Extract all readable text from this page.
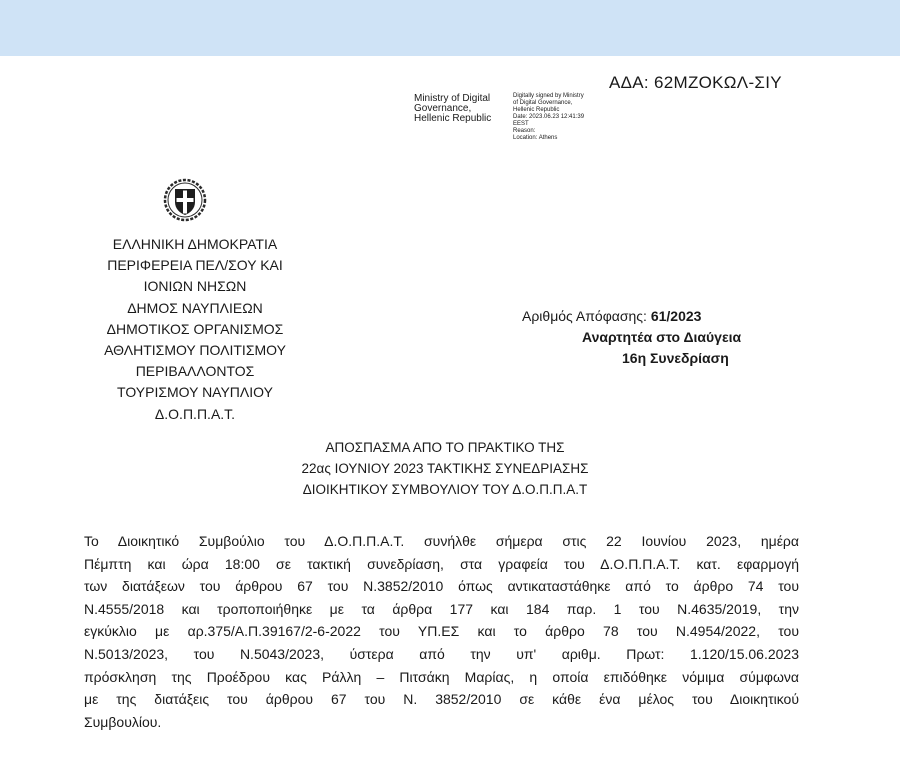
ΑΔΑ: 62ΜΖΟΚΩΛ-ΣΙΥ
Ministry of Digital
Governance,
Hellenic Republic
Digitally signed by Ministry
of Digital Governance,
Hellenic Republic
Date: 2023.06.23 12:41:39
EEST
Reason:
Location: Athens
ΕΛΛΗΝΙΚΗ ΔΗΜΟΚΡΑΤΙΑ
ΠΕΡΙΦΕΡΕΙΑ ΠΕΛ/ΣΟΥ ΚΑΙ
ΙΟΝΙΩΝ ΝΗΣΩΝ
ΔΗΜΟΣ ΝΑΥΠΛΙΕΩΝ
ΔΗΜΟΤΙΚΟΣ ΟΡΓΑΝΙΣΜΟΣ
ΑΘΛΗΤΙΣΜΟΥ ΠΟΛΙΤΙΣΜΟΥ
ΠΕΡΙΒΑΛΛΟΝΤΟΣ
ΤΟΥΡΙΣΜΟΥ ΝΑΥΠΛΙΟΥ
Δ.Ο.Π.Π.Α.Τ.
Αριθμός Απόφασης: 61/2023
Αναρτητέα στο Διαύγεια
16η Συνεδρίαση
ΑΠΟΣΠΑΣΜΑ ΑΠΟ ΤΟ ΠΡΑΚΤΙΚΟ ΤΗΣ
22ας ΙΟΥΝΙΟΥ 2023 ΤΑΚΤΙΚΗΣ ΣΥΝΕΔΡΙΑΣΗΣ
ΔΙΟΙΚΗΤΙΚΟΥ ΣΥΜΒΟΥΛΙΟΥ ΤΟΥ Δ.Ο.Π.Π.Α.Τ
Το Διοικητικό Συμβούλιο του Δ.Ο.Π.Π.Α.Τ. συνήλθε σήμερα στις 22 Ιουνίου 2023, ημέρα
Πέμπτη και ώρα 18:00 σε τακτική συνεδρίαση, στα γραφεία του Δ.Ο.Π.Π.Α.Τ. κατ. εφαρμογή
των διατάξεων του άρθρου 67 του Ν.3852/2010 όπως αντικαταστάθηκε από το άρθρο 74 του
Ν.4555/2018 και τροποποιήθηκε με τα άρθρα 177 και 184 παρ. 1 του Ν.4635/2019, την
εγκύκλιο με αρ.375/Α.Π.39167/2-6-2022 του ΥΠ.ΕΣ και το άρθρο 78 του Ν.4954/2022, του
Ν.5013/2023, του Ν.5043/2023, ύστερα από την υπ' αριθμ. Πρωτ: 1.120/15.06.2023
πρόσκληση της Προέδρου κας Ράλλη – Πιτσάκη Μαρίας, η οποία επιδόθηκε νόμιμα σύμφωνα
με της διατάξεις του άρθρου 67 του Ν. 3852/2010 σε κάθε ένα μέλος του Διοικητικού
Συμβουλίου.
